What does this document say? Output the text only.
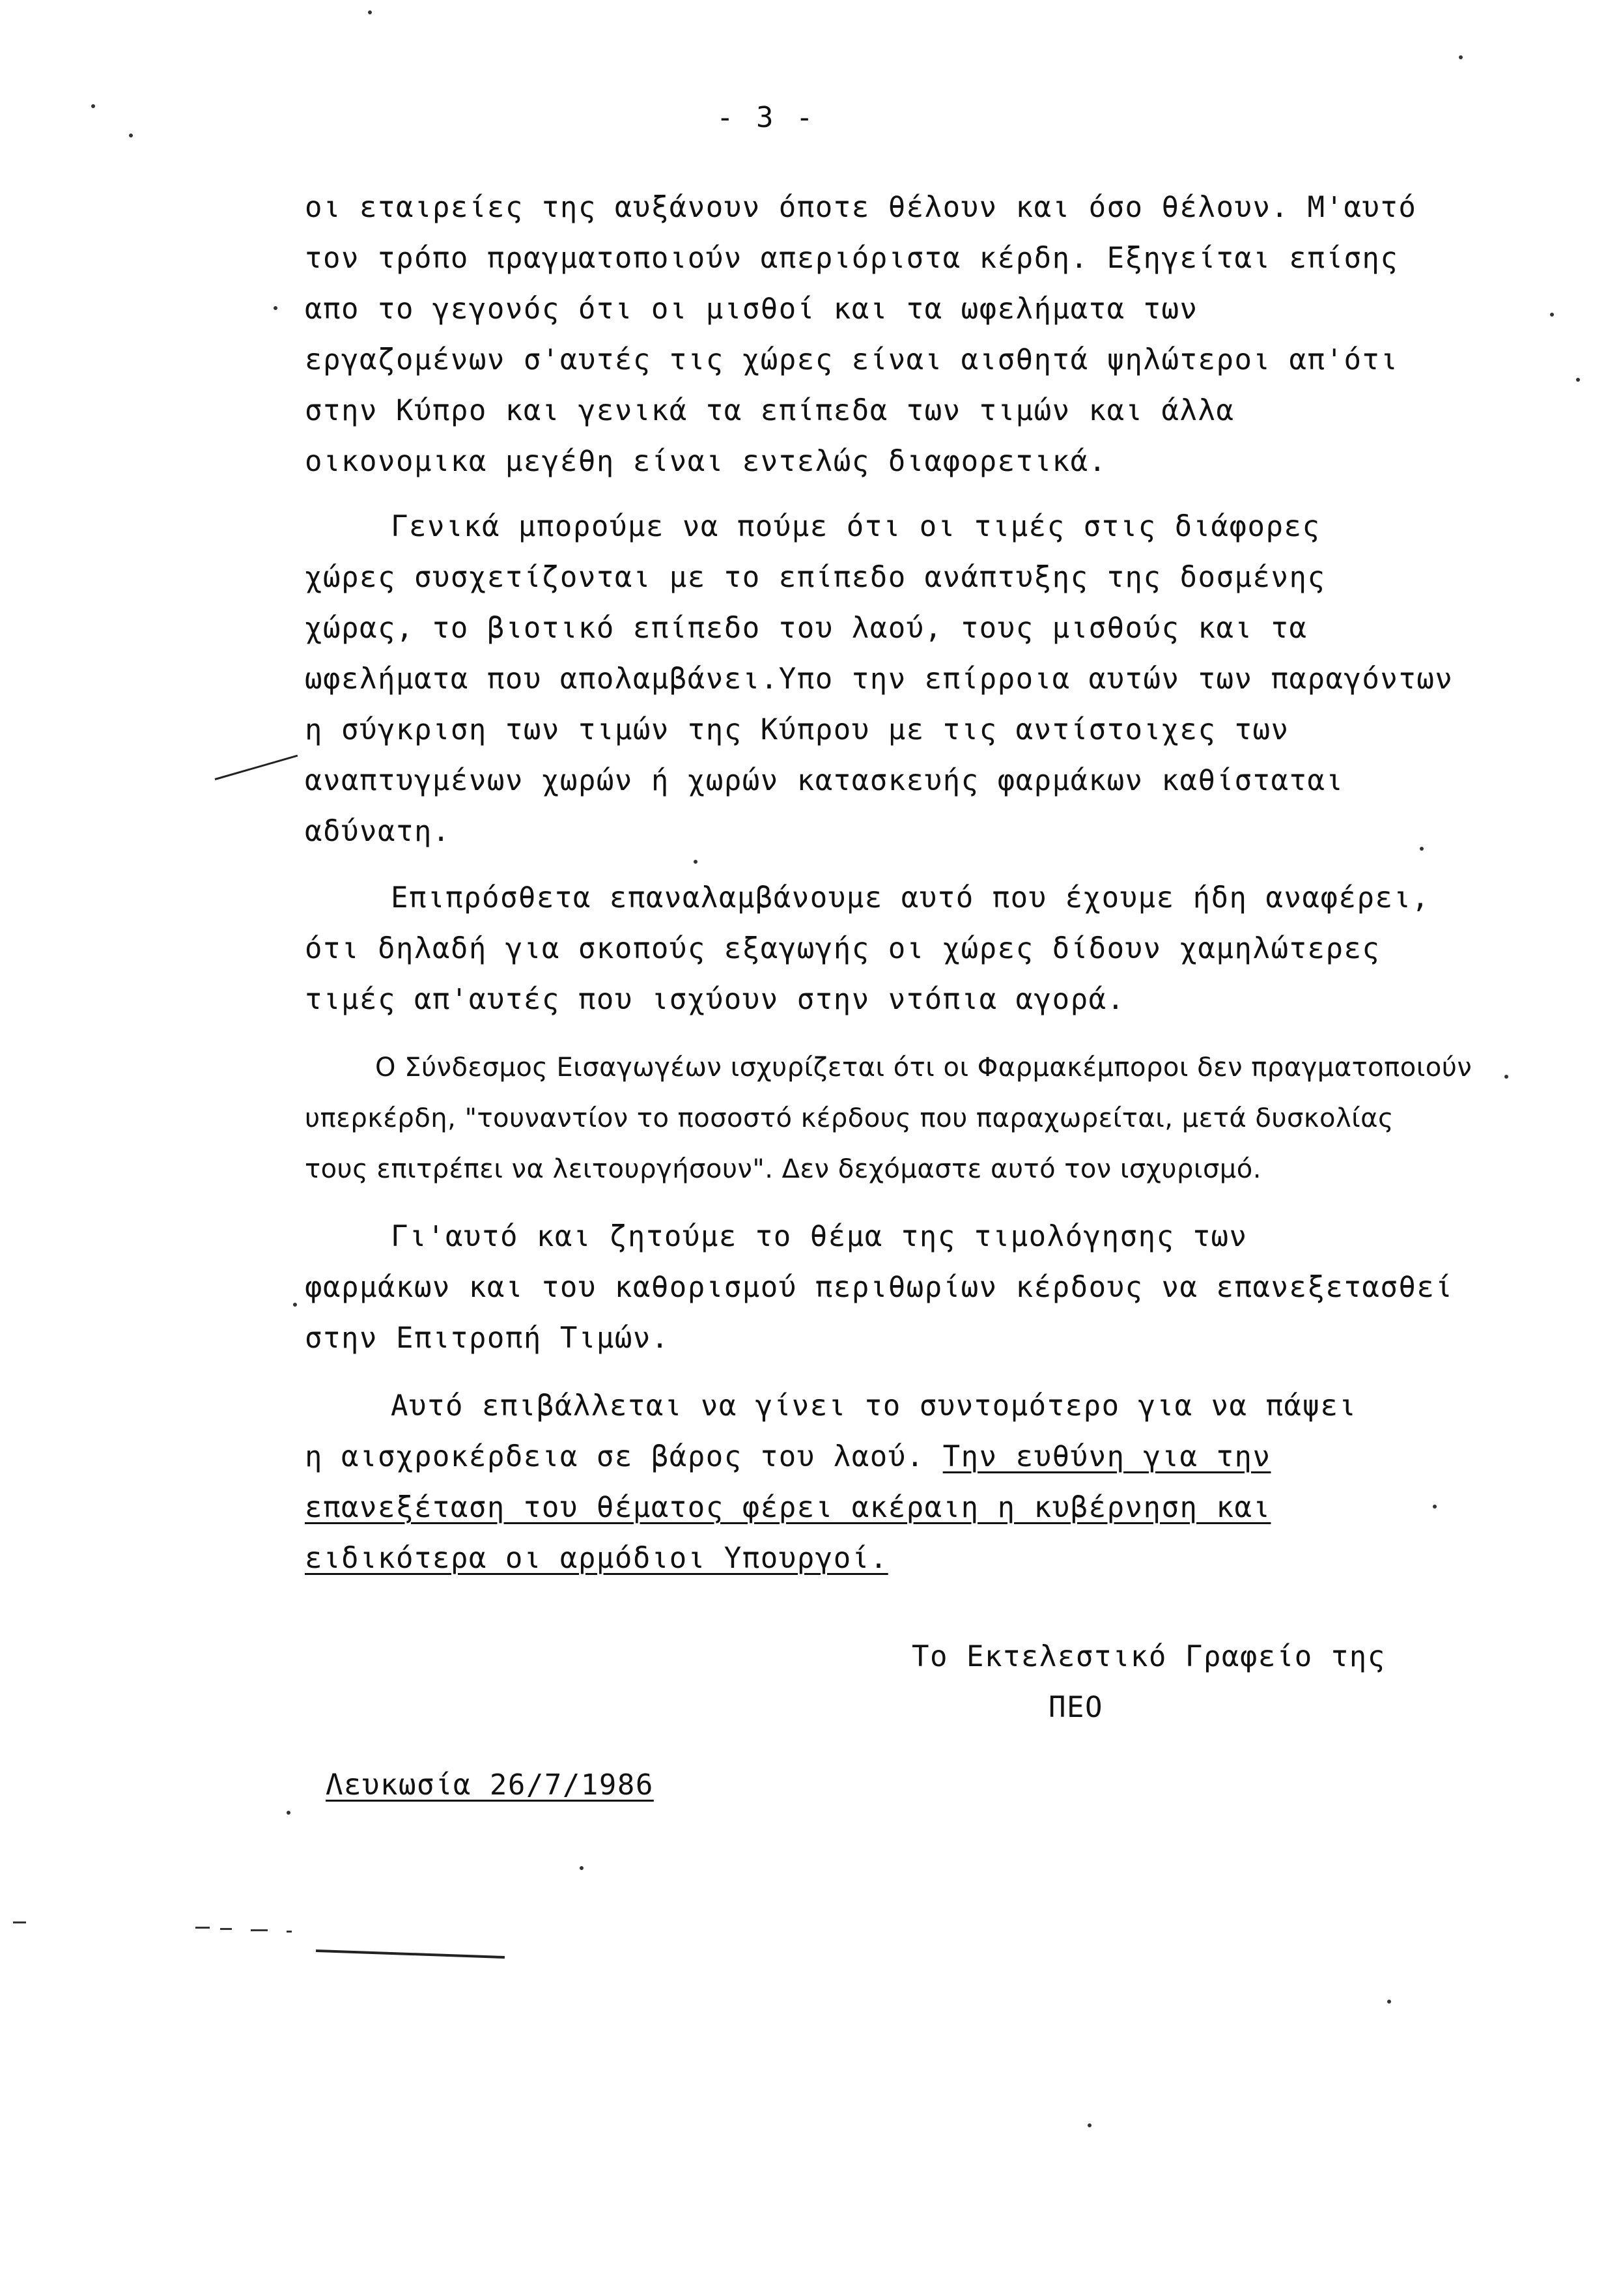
- 3 -
οι εταιρείες της αυξάνουν όποτε θέλουν και όσο θέλουν. Μ'αυτό
τον τρόπο πραγματοποιούν απεριόριστα κέρδη. Εξηγείται επίσης
απο το γεγονός ότι οι μισθοί και τα ωφελήματα των
εργαζομένων σ'αυτές τις χώρες είναι αισθητά ψηλώτεροι απ'ότι
στην Κύπρο και γενικά τα επίπεδα των τιμών και άλλα
οικονομικα μεγέθη είναι εντελώς διαφορετικά.
Γενικά μπορούμε να πούμε ότι οι τιμές στις διάφορες
χώρες συσχετίζονται με το επίπεδο ανάπτυξης της δοσμένης
χώρας, το βιοτικό επίπεδο του λαού, τους μισθούς και τα
ωφελήματα που απολαμβάνει.Υπο την επίρροια αυτών των παραγόντων
η σύγκριση των τιμών της Κύπρου με τις αντίστοιχες των
αναπτυγμένων χωρών ή χωρών κατασκευής φαρμάκων καθίσταται
αδύνατη.
Επιπρόσθετα επαναλαμβάνουμε αυτό που έχουμε ήδη αναφέρει,
ότι δηλαδή για σκοπούς εξαγωγής οι χώρες δίδουν χαμηλώτερες
τιμές απ'αυτές που ισχύουν στην ντόπια αγορά.
Ο Σύνδεσμος Εισαγωγέων ισχυρίζεται ότι οι Φαρμακέμποροι δεν πραγματοποιούν
υπερκέρδη, "τουναντίον το ποσοστό κέρδους που παραχωρείται, μετά δυσκολίας
τους επιτρέπει να λειτουργήσουν". Δεν δεχόμαστε αυτό τον ισχυρισμό.
Γι'αυτό και ζητούμε το θέμα της τιμολόγησης των
φαρμάκων και του καθορισμού περιθωρίων κέρδους να επανεξετασθεί
στην Επιτροπή Τιμών.
Αυτό επιβάλλεται να γίνει το συντομότερο για να πάψει
η αισχροκέρδεια σε βάρος του λαού. Την ευθύνη για την
επανεξέταση του θέματος φέρει ακέραιη η κυβέρνηση και
ειδικότερα οι αρμόδιοι Υπουργοί.
Το Εκτελεστικό Γραφείο της
ΠΕΟ
Λευκωσία 26/7/1986
